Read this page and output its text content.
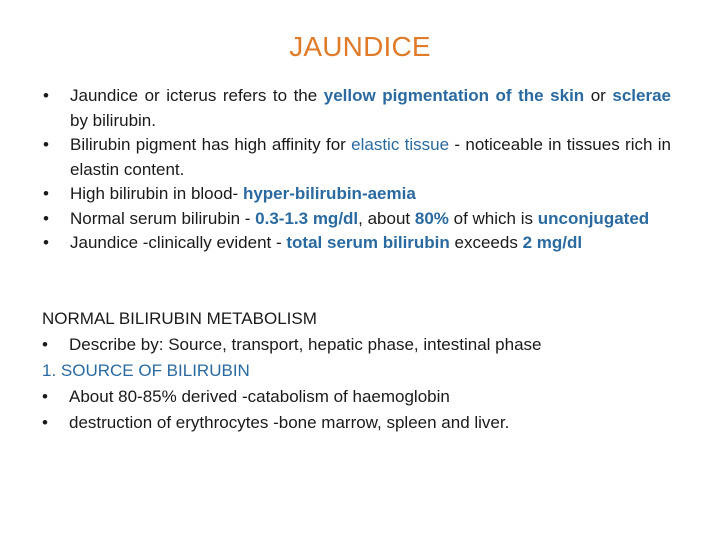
JAUNDICE
• Jaundice or icterus refers to the yellow pigmentation of the skin or sclerae by bilirubin.
• Bilirubin pigment has high affinity for elastic tissue - noticeable in tissues rich in elastin content.
• High bilirubin in blood- hyper-bilirubin-aemia
• Normal serum bilirubin - 0.3-1.3 mg/dl, about 80% of which is unconjugated
• Jaundice -clinically evident - total serum bilirubin exceeds 2 mg/dl
NORMAL BILIRUBIN METABOLISM
• Describe by: Source, transport, hepatic phase, intestinal phase
1. SOURCE OF BILIRUBIN
• About 80-85% derived -catabolism of haemoglobin
• destruction of erythrocytes -bone marrow, spleen and liver.
